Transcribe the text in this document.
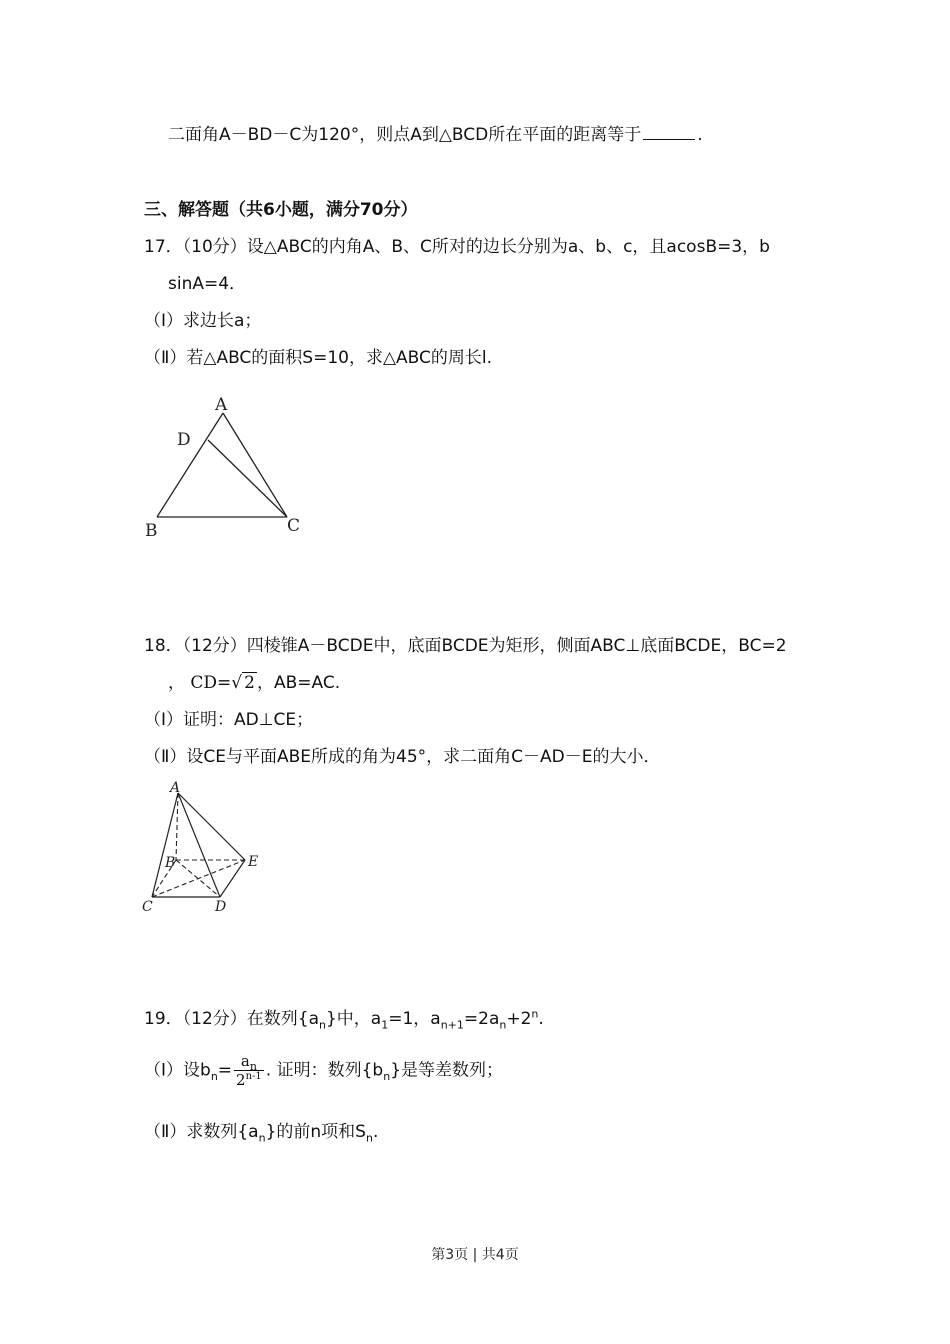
二面角A－BD－C为120°，则点A到△BCD所在平面的距离等于	.
三、解答题（共6小题，满分70分）
17．（10分）设△ABC的内角A、B、C所对的边长分别为a、b、c，且acosB=3，b
sinA=4．
（Ⅰ）求边长a；
（Ⅱ）若△ABC的面积S=10，求△ABC的周长l.
A
D
B	C
18．（12分）四棱锥A－BCDE中，底面BCDE为矩形，侧面ABC⊥底面BCDE，BC=2
， CD=√ 2 ，AB=AC.
（Ⅰ）证明：AD⊥CE；
（Ⅱ）设CE与平面ABE所成的角为45°，求二面角C－AD－E的大小．
A
B	E
C	D
19．（12分）在数列$\{a_n\}$中，$a_1=1$，$a_{n+1}=2a_n+2^n$.
（Ⅰ）设$b_n= \frac{a_n}{2^{n-1}}$ . 证明：数列$\{b_n\}$是等差数列；
（Ⅱ）求数列$\{a_n\}$的前n项和$S_n$.
第3页 | 共4页
